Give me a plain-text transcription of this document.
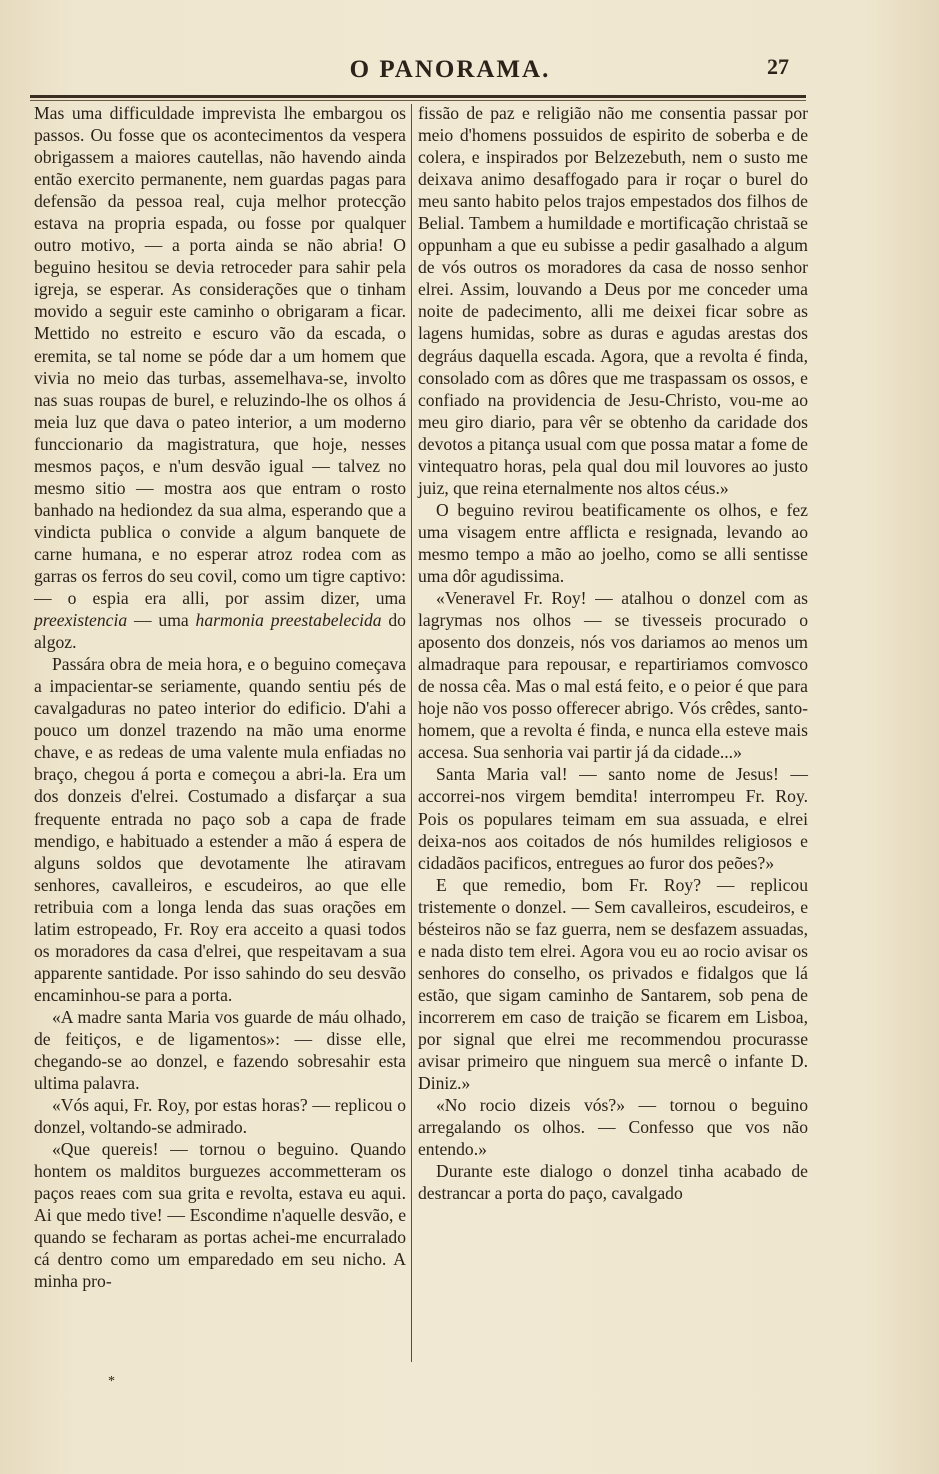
O PANORAMA.	27

Mas uma difficuldade imprevista lhe embargou os passos. Ou fosse que os acontecimentos da vespera obrigassem a maiores cautellas, não havendo ainda então exercito permanente, nem guardas pagas para defensão da pessoa real, cuja melhor protecção estava na propria espada, ou fosse por qualquer outro motivo, — a porta ainda se não abria! O beguino hesitou se devia retroceder para sahir pela igreja, se esperar. As considerações que o tinham movido a seguir este caminho o obrigaram a ficar. Mettido no estreito e escuro vão da escada, o eremita, se tal nome se póde dar a um homem que vivia no meio das turbas, assemelhava-se, involto nas suas roupas de burel, e reluzindo-lhe os olhos á meia luz que dava o pateo interior, a um moderno funccionario da magistratura, que hoje, nesses mesmos paços, e n'um desvão igual — talvez no mesmo sitio — mostra aos que entram o rosto banhado na hediondez da sua alma, esperando que a vindicta publica o convide a algum banquete de carne humana, e no esperar atroz rodea com as garras os ferros do seu covil, como um tigre captivo: — o espia era alli, por assim dizer, uma preexistencia — uma harmonia preestabelecida do algoz.

Passára obra de meia hora, e o beguino começava a impacientar-se seriamente, quando sentiu pés de cavalgaduras no pateo interior do edificio. D'ahi a pouco um donzel trazendo na mão uma enorme chave, e as redeas de uma valente mula enfiadas no braço, chegou á porta e começou a abri-la. Era um dos donzeis d'elrei. Costumado a disfarçar a sua frequente entrada no paço sob a capa de frade mendigo, e habituado a estender a mão á espera de alguns soldos que devotamente lhe atiravam senhores, cavalleiros, e escudeiros, ao que elle retribuia com a longa lenda das suas orações em latim estropeado, Fr. Roy era acceito a quasi todos os moradores da casa d'elrei, que respeitavam a sua apparente santidade. Por isso sahindo do seu desvão encaminhou-se para a porta.

«A madre santa Maria vos guarde de máu olhado, de feitiços, e de ligamentos»: — disse elle, chegando-se ao donzel, e fazendo sobresahir esta ultima palavra.

«Vós aqui, Fr. Roy, por estas horas? — replicou o donzel, voltando-se admirado.

«Que quereis! — tornou o beguino. Quando hontem os malditos burguezes accommetteram os paços reaes com sua grita e revolta, estava eu aqui. Ai que medo tive! — Escondime n'aquelle desvão, e quando se fecharam as portas achei-me encurralado cá dentro como um emparedado em seu nicho. A minha pro-

fissão de paz e religião não me consentia passar por meio d'homens possuidos de espirito de soberba e de colera, e inspirados por Belzezebuth, nem o susto me deixava animo desaffogado para ir roçar o burel do meu santo habito pelos trajos empestados dos filhos de Belial. Tambem a humildade e mortificação christaã se oppunham a que eu subisse a pedir gasalhado a algum de vós outros os moradores da casa de nosso senhor elrei. Assim, louvando a Deus por me conceder uma noite de padecimento, alli me deixei ficar sobre as lagens humidas, sobre as duras e agudas arestas dos degráus daquella escada. Agora, que a revolta é finda, consolado com as dôres que me traspassam os ossos, e confiado na providencia de Jesu-Christo, vou-me ao meu giro diario, para vêr se obtenho da caridade dos devotos a pitança usual com que possa matar a fome de vintequatro horas, pela qual dou mil louvores ao justo juiz, que reina eternalmente nos altos céus.»

O beguino revirou beatificamente os olhos, e fez uma visagem entre afflicta e resignada, levando ao mesmo tempo a mão ao joelho, como se alli sentisse uma dôr agudissima.

«Veneravel Fr. Roy! — atalhou o donzel com as lagrymas nos olhos — se tivesseis procurado o aposento dos donzeis, nós vos dariamos ao menos um almadraque para repousar, e repartiriamos comvosco de nossa cêa. Mas o mal está feito, e o peior é que para hoje não vos posso offerecer abrigo. Vós crêdes, santo-homem, que a revolta é finda, e nunca ella esteve mais accesa. Sua senhoria vai partir já da cidade...»

Santa Maria val! — santo nome de Jesus! — accorrei-nos virgem bemdita! interrompeu Fr. Roy. Pois os populares teimam em sua assuada, e elrei deixa-nos aos coitados de nós humildes religiosos e cidadãos pacificos, entregues ao furor dos peões?»

E que remedio, bom Fr. Roy? — replicou tristemente o donzel. — Sem cavalleiros, escudeiros, e bésteiros não se faz guerra, nem se desfazem assuadas, e nada disto tem elrei. Agora vou eu ao rocio avisar os senhores do conselho, os privados e fidalgos que lá estão, que sigam caminho de Santarem, sob pena de incorrerem em caso de traição se ficarem em Lisboa, por signal que elrei me recommendou procurasse avisar primeiro que ninguem sua mercê o infante D. Diniz.»

«No rocio dizeis vós?» — tornou o beguino arregalando os olhos. — Confesso que vos não entendo.»

Durante este dialogo o donzel tinha acabado de destrancar a porta do paço, cavalgado

*
